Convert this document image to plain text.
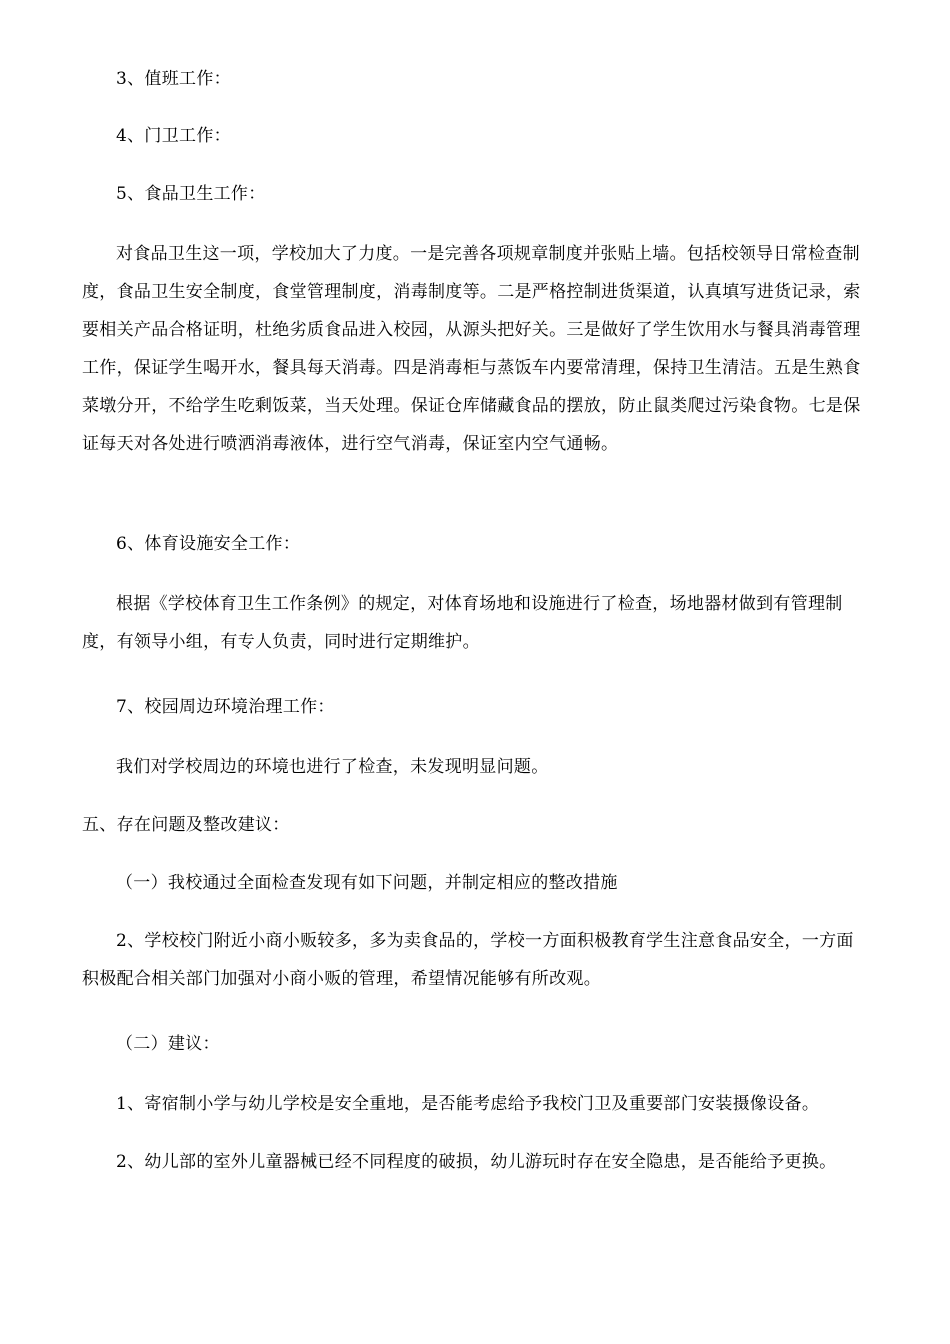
3、值班工作：

4、门卫工作：

5、食品卫生工作：

对食品卫生这一项，学校加大了力度。一是完善各项规章制度并张贴上墙。包括校领导日常检查制度，食品卫生安全制度，食堂管理制度，消毒制度等。二是严格控制进货渠道，认真填写进货记录，索要相关产品合格证明，杜绝劣质食品进入校园，从源头把好关。三是做好了学生饮用水与餐具消毒管理工作，保证学生喝开水，餐具每天消毒。四是消毒柜与蒸饭车内要常清理，保持卫生清洁。五是生熟食菜墩分开，不给学生吃剩饭菜，当天处理。保证仓库储藏食品的摆放，防止鼠类爬过污染食物。七是保证每天对各处进行喷洒消毒液体，进行空气消毒，保证室内空气通畅。

6、体育设施安全工作：

根据《学校体育卫生工作条例》的规定，对体育场地和设施进行了检查，场地器材做到有管理制度，有领导小组，有专人负责，同时进行定期维护。

7、校园周边环境治理工作：

我们对学校周边的环境也进行了检查，未发现明显问题。

五、存在问题及整改建议：

（一）我校通过全面检查发现有如下问题，并制定相应的整改措施

2、学校校门附近小商小贩较多，多为卖食品的，学校一方面积极教育学生注意食品安全，一方面积极配合相关部门加强对小商小贩的管理，希望情况能够有所改观。

（二）建议：

1、寄宿制小学与幼儿学校是安全重地，是否能考虑给予我校门卫及重要部门安装摄像设备。

2、幼儿部的室外儿童器械已经不同程度的破损，幼儿游玩时存在安全隐患，是否能给予更换。
